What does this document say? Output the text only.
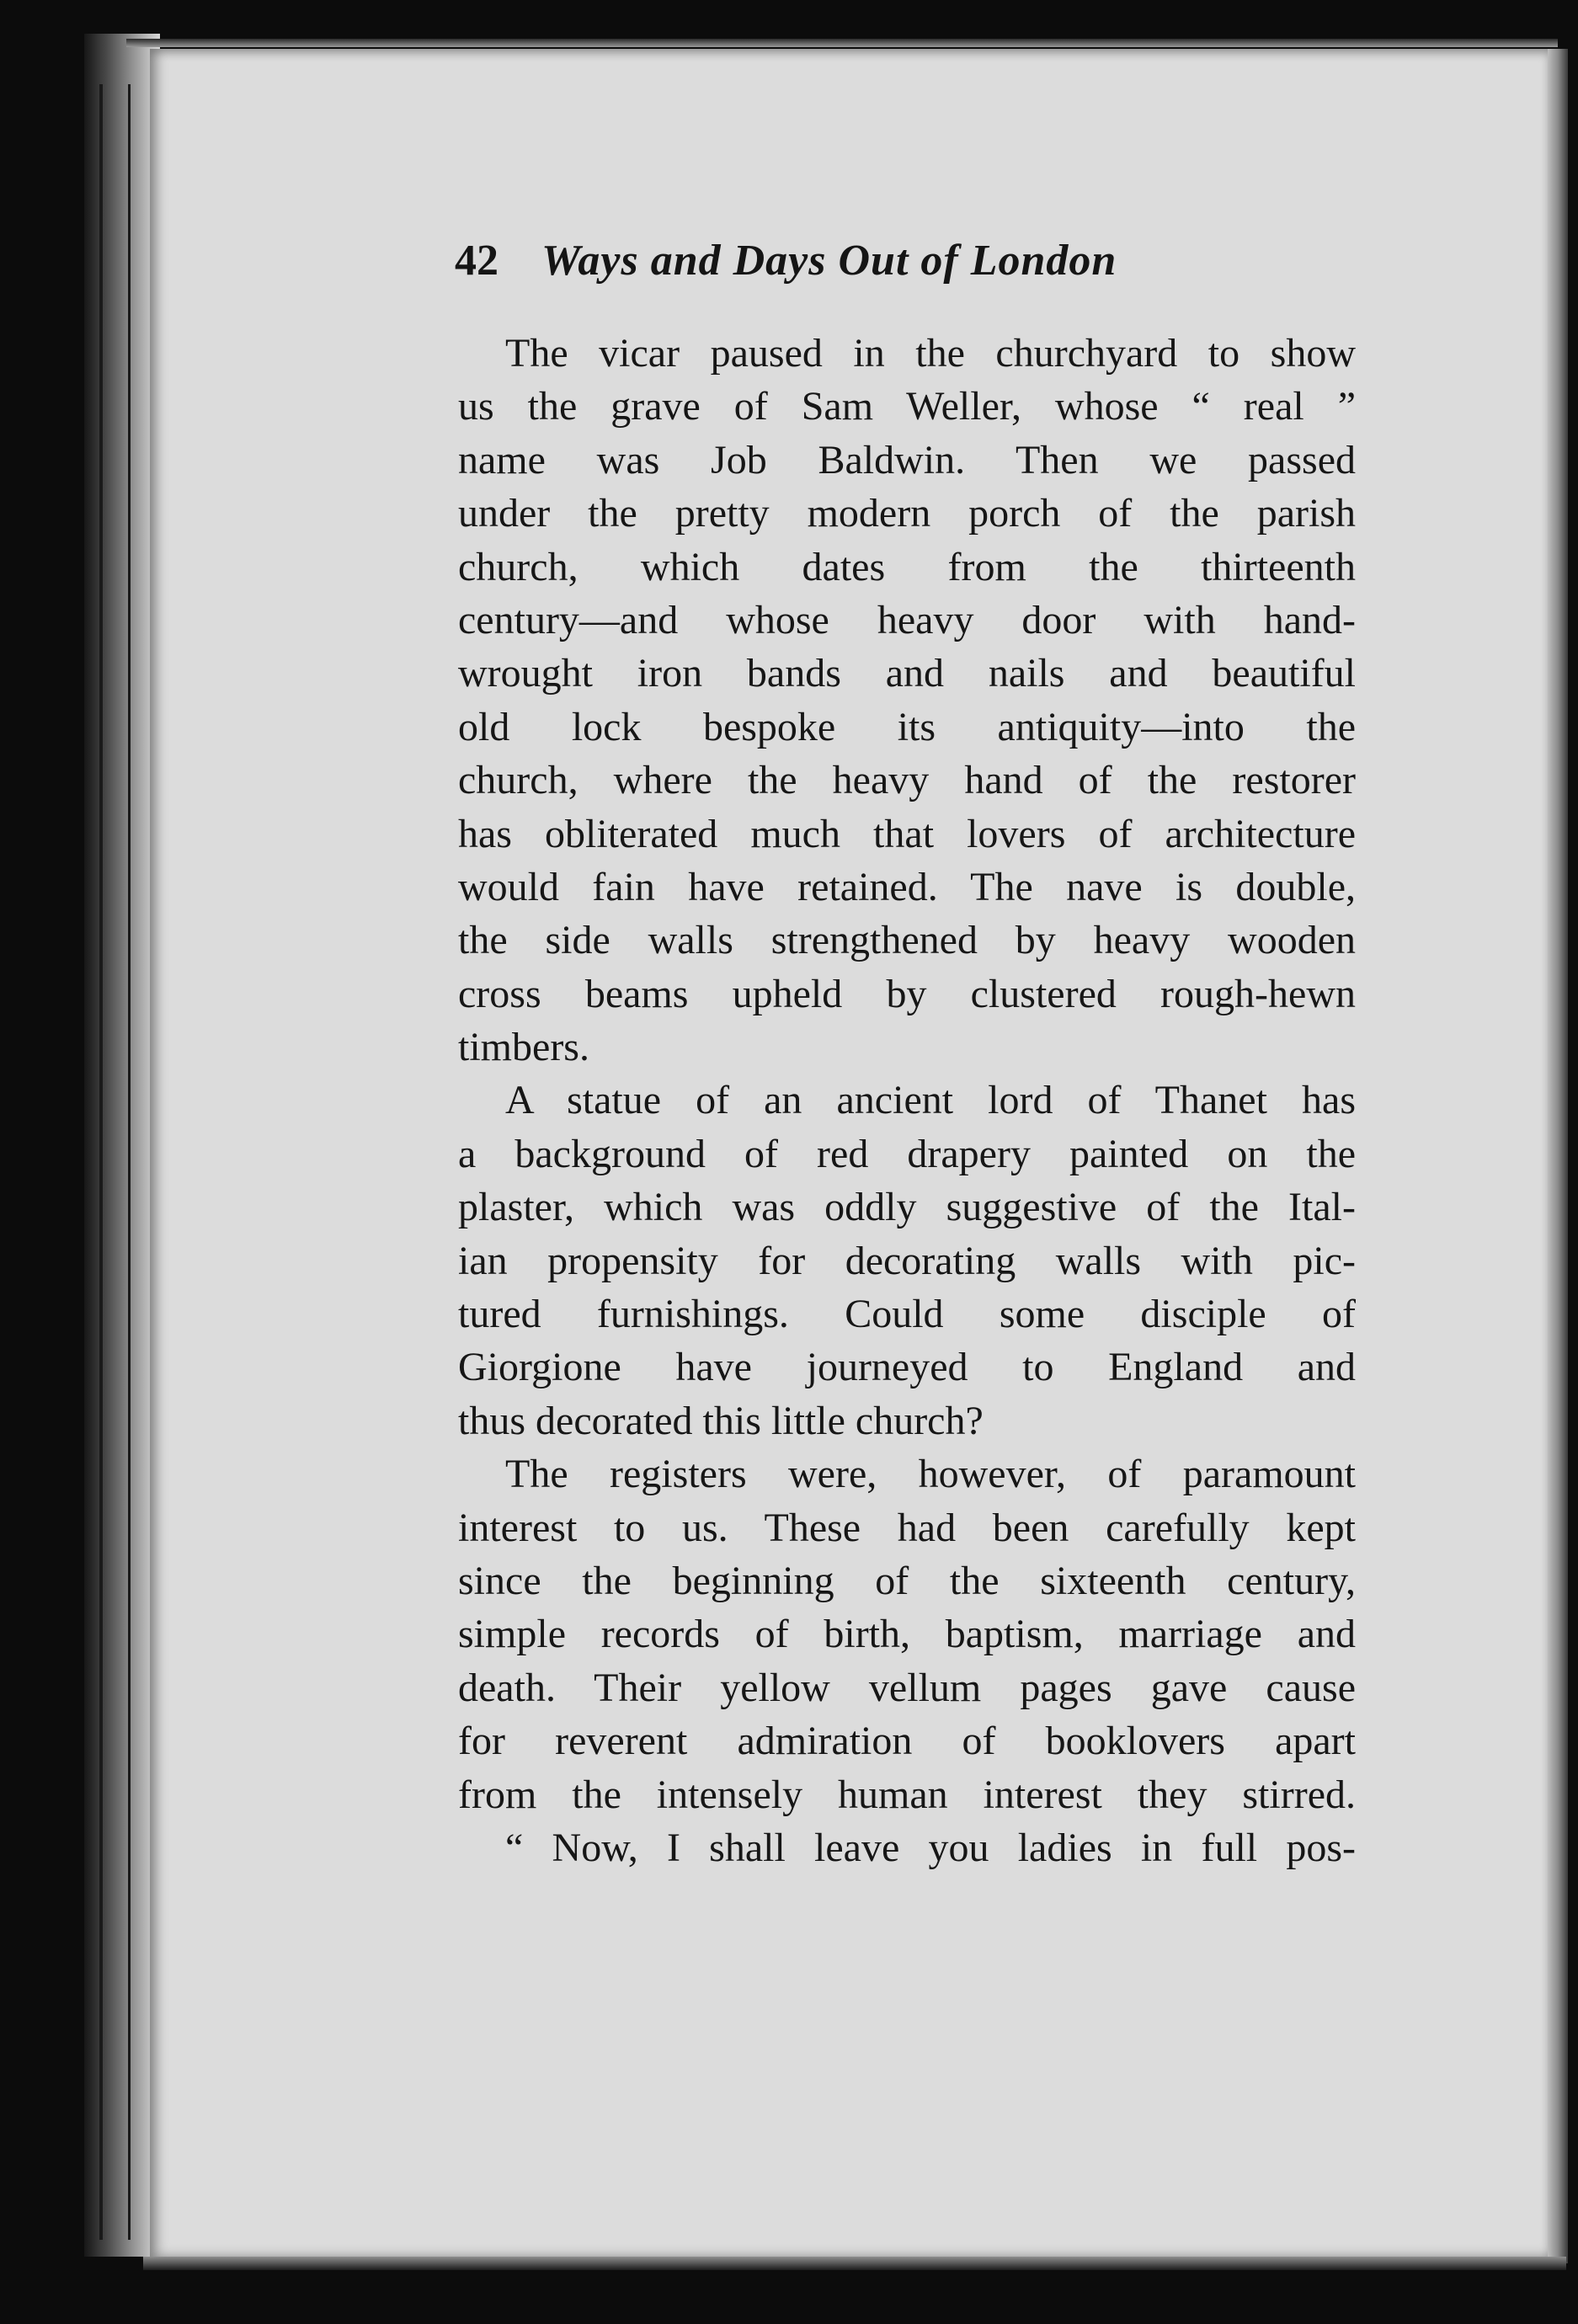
42 Ways and Days Out of London

The vicar paused in the churchyard to show
us the grave of Sam Weller, whose “ real ”
name was Job Baldwin. Then we passed
under the pretty modern porch of the parish
church, which dates from the thirteenth
century—and whose heavy door with hand-
wrought iron bands and nails and beautiful
old lock bespoke its antiquity—into the
church, where the heavy hand of the restorer
has obliterated much that lovers of architecture
would fain have retained. The nave is double,
the side walls strengthened by heavy wooden
cross beams upheld by clustered rough-hewn
timbers.

A statue of an ancient lord of Thanet has
a background of red drapery painted on the
plaster, which was oddly suggestive of the Ital-
ian propensity for decorating walls with pic-
tured furnishings. Could some disciple of
Giorgione have journeyed to England and
thus decorated this little church?

The registers were, however, of paramount
interest to us. These had been carefully kept
since the beginning of the sixteenth century,
simple records of birth, baptism, marriage and
death. Their yellow vellum pages gave cause
for reverent admiration of booklovers apart
from the intensely human interest they stirred.

“ Now, I shall leave you ladies in full pos-
